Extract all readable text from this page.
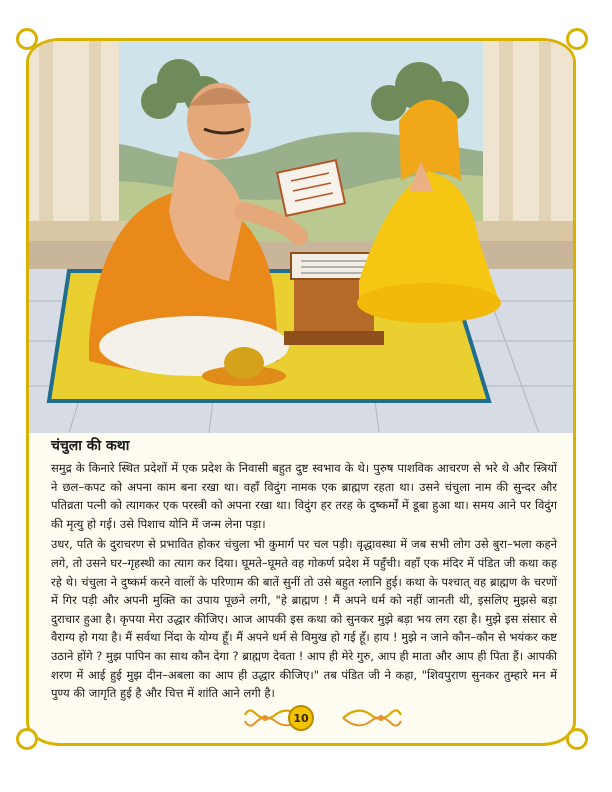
चंचुला की कथा

समुद्र के किनारे स्थित प्रदेशों में एक प्रदेश के निवासी बहुत दुष्ट स्वभाव के थे। पुरुष पाशविक आचरण से भरे थे और स्त्रियों ने छल–कपट को अपना काम बना रखा था। वहाँ विदुंग नामक एक ब्राह्मण रहता था। उसने चंचुला नाम की सुन्दर और पतिव्रता पत्नी को त्यागकर एक परस्त्री को अपना रखा था। विदुंग हर तरह के दुष्कर्मों में डूबा हुआ था। समय आने पर विदुंग की मृत्यु हो गई। उसे पिशाच योनि में जन्म लेना पड़ा।

उधर, पति के दुराचरण से प्रभावित होकर चंचुला भी कुमार्ग पर चल पड़ी। वृद्धावस्था में जब सभी लोग उसे बुरा–भला कहने लगे, तो उसने घर–गृहस्थी का त्याग कर दिया। घूमते–घूमते वह गोकर्ण प्रदेश में पहुँची। वहाँ एक मंदिर में पंडित जी कथा कह रहे थे। चंचुला ने दुष्कर्म करने वालों के परिणाम की बातें सुनीं तो उसे बहुत ग्लानि हुई। कथा के पश्चात् वह ब्राह्मण के चरणों में गिर पड़ी और अपनी मुक्ति का उपाय पूछने लगी, "हे ब्राह्मण ! मैं अपने धर्म को नहीं जानती थी, इसलिए मुझसे बड़ा दुराचार हुआ है। कृपया मेरा उद्धार कीजिए। आज आपकी इस कथा को सुनकर मुझे बड़ा भय लग रहा है। मुझे इस संसार से वैराग्य हो गया है। मैं सर्वथा निंदा के योग्य हूँ। मैं अपने धर्म से विमुख हो गई हूँ। हाय ! मुझे न जाने कौन–कौन से भयंकर कष्ट उठाने होंगे ? मुझ पापिन का साथ कौन देगा ? ब्राह्मण देवता ! आप ही मेरे गुरु, आप ही माता और आप ही पिता हैं। आपकी शरण में आई हुई मुझ दीन–अबला का आप ही उद्धार कीजिए।" तब पंडित जी ने कहा, "शिवपुराण सुनकर तुम्हारे मन में पुण्य की जागृति हुई है और चित्त में शांति आने लगी है।

10
